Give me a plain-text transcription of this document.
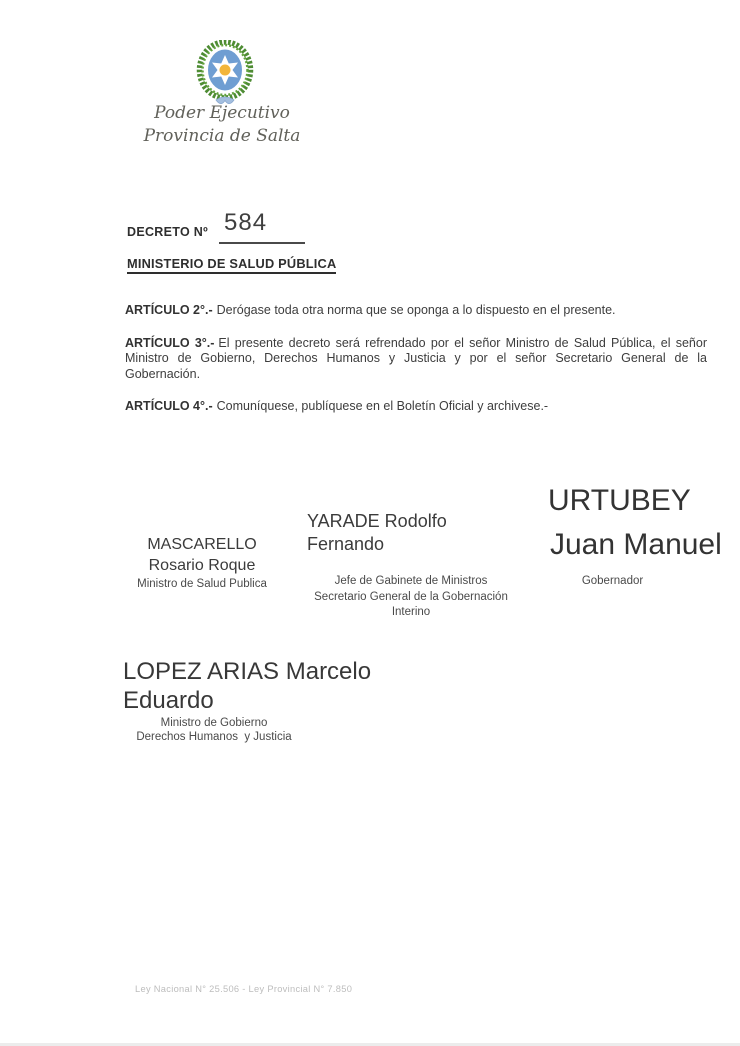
Poder Ejecutivo
Provincia de Salta
DECRETO Nº 584
MINISTERIO DE SALUD PÚBLICA

ARTÍCULO 2°.- Derógase toda otra norma que se oponga a lo dispuesto en el presente.

ARTÍCULO 3°.- El presente decreto será refrendado por el señor Ministro de Salud Pública, el señor Ministro de Gobierno, Derechos Humanos y Justicia y por el señor Secretario General de la Gobernación.

ARTÍCULO 4°.- Comuníquese, publíquese en el Boletín Oficial y archivese.-

MASCARELLO
Rosario Roque
Ministro de Salud Publica
YARADE Rodolfo
Fernando
Jefe de Gabinete de Ministros
Secretario General de la Gobernación
Interino
URTUBEY
Juan Manuel
Gobernador
LOPEZ ARIAS Marcelo
Eduardo
Ministro de Gobierno
Derechos Humanos  y Justicia
Ley Nacional N° 25.506 - Ley Provincial N° 7.850
